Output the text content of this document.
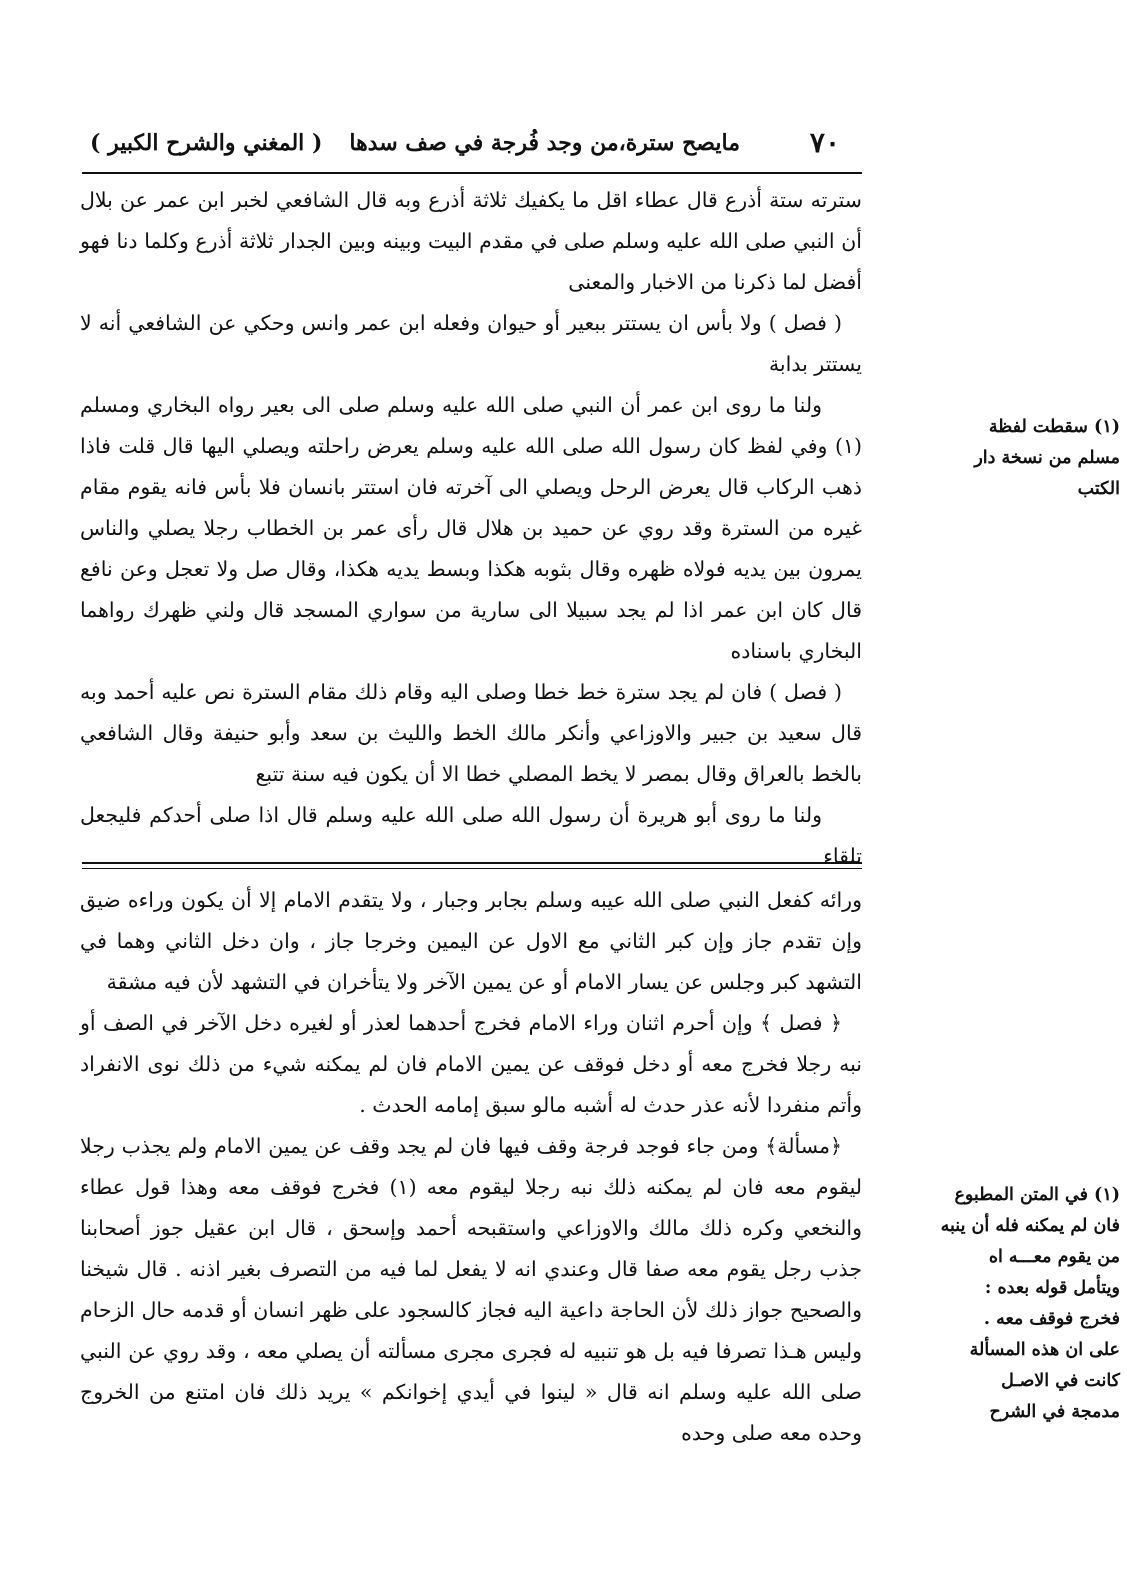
٧٠
مايصح سترة،من وجد فُرجة في صف سدها
( المغني والشرح الكبير )

سترته ستة أذرع قال عطاء اقل ما يكفيك ثلاثة أذرع وبه قال الشافعي لخبر ابن عمر عن بلال أن النبي صلى الله عليه وسلم صلى في مقدم البيت وبينه وبين الجدار ثلاثة أذرع وكلما دنا فهو أفضل لما ذكرنا من الاخبار والمعنى

( فصل ) ولا بأس ان يستتر ببعير أو حيوان وفعله ابن عمر وانس وحكي عن الشافعي أنه لا يستتر بدابة

ولنا ما روى ابن عمر أن النبي صلى الله عليه وسلم صلى الى بعير رواه البخاري ومسلم (١) وفي لفظ كان رسول الله صلى الله عليه وسلم يعرض راحلته ويصلي اليها قال قلت فاذا ذهب الركاب قال يعرض الرحل ويصلي الى آخرته فان استتر بانسان فلا بأس فانه يقوم مقام غيره من السترة وقد روي عن حميد بن هلال قال رأى عمر بن الخطاب رجلا يصلي والناس يمرون بين يديه فولاه ظهره وقال بثوبه هكذا وبسط يديه هكذا، وقال صل ولا تعجل وعن نافع قال كان ابن عمر اذا لم يجد سبيلا الى سارية من سواري المسجد قال ولني ظهرك رواهما البخاري باسناده

( فصل ) فان لم يجد سترة خط خطا وصلى اليه وقام ذلك مقام السترة نص عليه أحمد وبه قال سعيد بن جبير والاوزاعي وأنكر مالك الخط والليث بن سعد وأبو حنيفة وقال الشافعي بالخط بالعراق وقال بمصر لا يخط المصلي خطا الا أن يكون فيه سنة تتبع

ولنا ما روى أبو هريرة أن رسول الله صلى الله عليه وسلم قال اذا صلى أحدكم فليجعل تلقاء

ورائه كفعل النبي صلى الله عيبه وسلم بجابر وجبار ، ولا يتقدم الامام إلا أن يكون وراءه ضيق وإن تقدم جاز وإن كبر الثاني مع الاول عن اليمين وخرجا جاز ، وان دخل الثاني وهما في التشهد كبر وجلس عن يسار الامام أو عن يمين الآخر ولا يتأخران في التشهد لأن فيه مشقة

﴿ فصل ﴾ وإن أحرم اثنان وراء الامام فخرج أحدهما لعذر أو لغيره دخل الآخر في الصف أو نبه رجلا فخرج معه أو دخل فوقف عن يمين الامام فان لم يمكنه شيء من ذلك نوى الانفراد وأتم منفردا لأنه عذر حدث له أشبه مالو سبق إمامه الحدث .

﴿مسألة﴾ ومن جاء فوجد فرجة وقف فيها فان لم يجد وقف عن يمين الامام ولم يجذب رجلا ليقوم معه فان لم يمكنه ذلك نبه رجلا ليقوم معه (١) فخرج فوقف معه وهذا قول عطاء والنخعي وكره ذلك مالك والاوزاعي واستقبحه أحمد وإسحق ، قال ابن عقيل جوز أصحابنا جذب رجل يقوم معه صفا قال وعندي انه لا يفعل لما فيه من التصرف بغير اذنه . قال شيخنا والصحيح جواز ذلك لأن الحاجة داعية اليه فجاز كالسجود على ظهر انسان أو قدمه حال الزحام وليس هـذا تصرفا فيه بل هو تنبيه له فجرى مجرى مسألته أن يصلي معه ، وقد روي عن النبي صلى الله عليه وسلم انه قال « لينوا في أيدي إخوانكم » يريد ذلك فان امتنع من الخروج وحده معه صلى وحده

(١) سقطت لفظة

مسلم من نسخة دار

الكتب

(١) في المتن المطبوع

فان لم يمكنه فله أن ينبه

من يقوم معـــه اه

ويتأمل قوله بعده :

فخرج فوقف معه .

على ان هذه المسألة

كانت في الاصـل

مدمجة في الشرح
